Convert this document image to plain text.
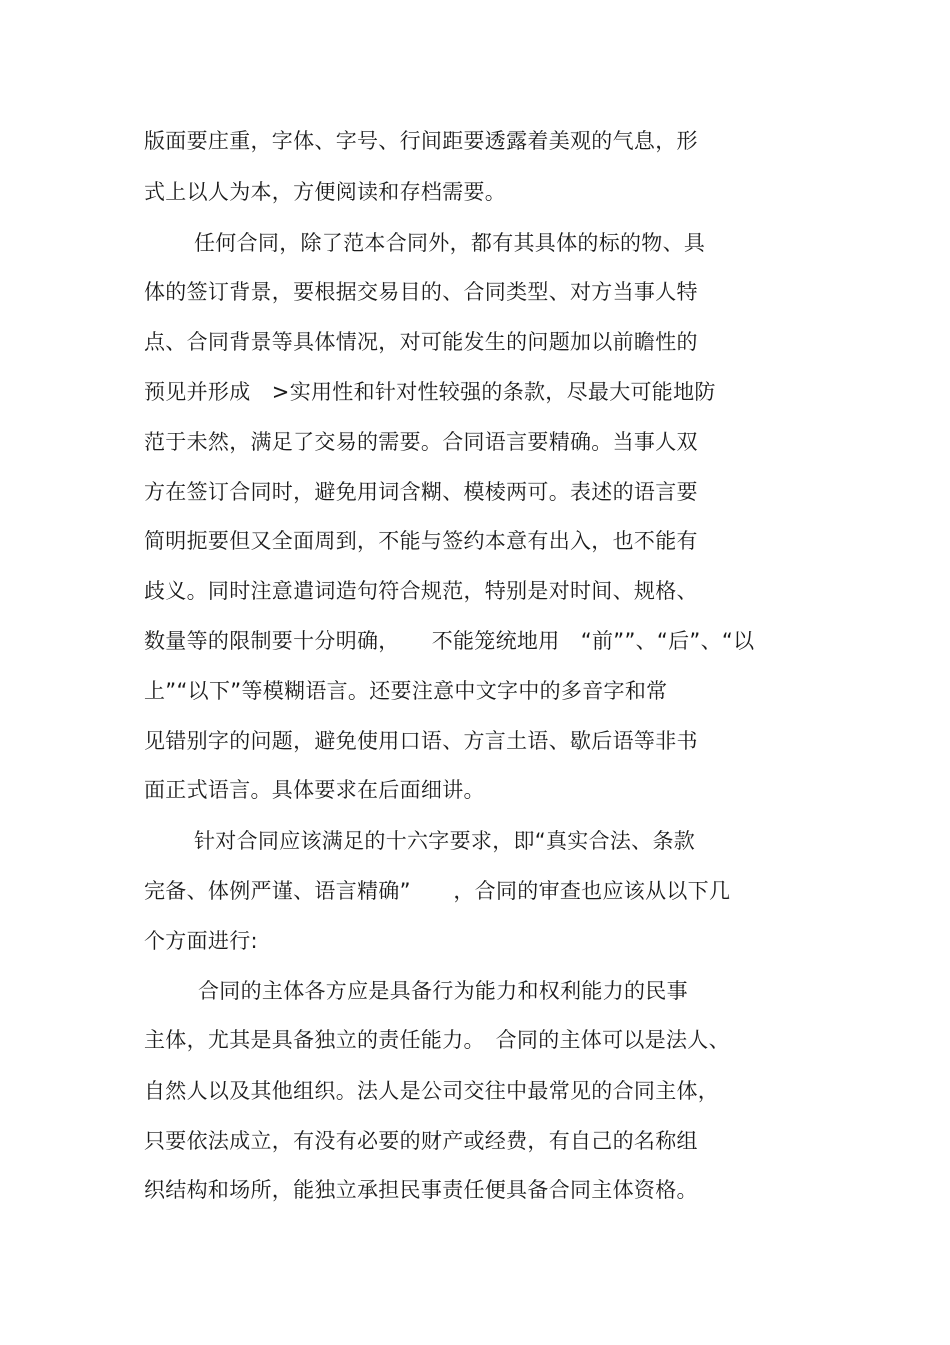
版面要庄重，字体、字号、行间距要透露着美观的气息，形
式上以人为本，方便阅读和存档需要。
任何合同，除了范本合同外，都有其具体的标的物、具
体的签订背景，要根据交易目的、合同类型、对方当事人特
点、合同背景等具体情况，对可能发生的问题加以前瞻性的
预见并形成　>实用性和针对性较强的条款，尽最大可能地防
范于未然，满足了交易的需要。合同语言要精确。当事人双
方在签订合同时，避免用词含糊、模棱两可。表述的语言要
简明扼要但又全面周到，不能与签约本意有出入，也不能有
歧义。同时注意遣词造句符合规范，特别是对时间、规格、
数量等的限制要十分明确，　　不能笼统地用　“前””、“后”、“以
上”“以下”等模糊语言。还要注意中文字中的多音字和常
见错别字的问题，避免使用口语、方言土语、歇后语等非书
面正式语言。具体要求在后面细讲。
针对合同应该满足的十六字要求，即“真实合法、条款
完备、体例严谨、语言精确”　　，合同的审查也应该从以下几
个方面进行:
合同的主体各方应是具备行为能力和权利能力的民事
主体，尤其是具备独立的责任能力。　合同的主体可以是法人、
自然人以及其他组织。法人是公司交往中最常见的合同主体，
只要依法成立，有没有必要的财产或经费，有自己的名称组
织结构和场所，能独立承担民事责任便具备合同主体资格。
